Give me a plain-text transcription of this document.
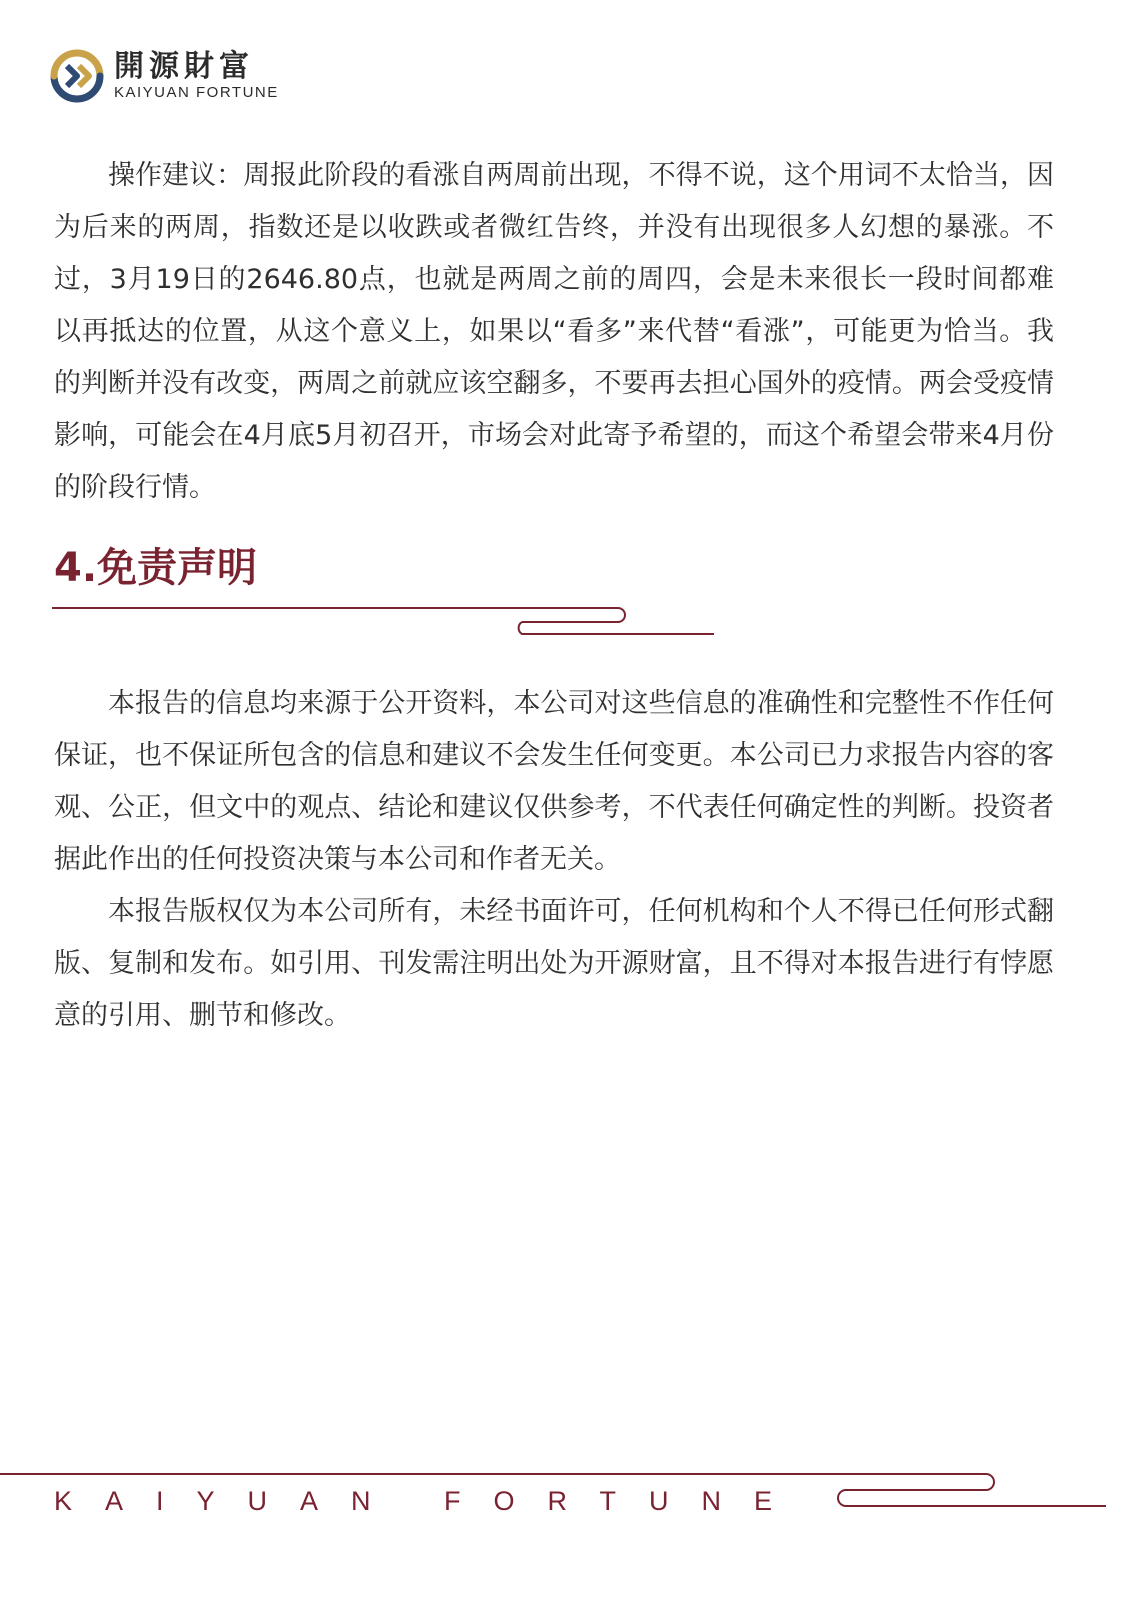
開源財富
KAIYUAN FORTUNE

操作建议：周报此阶段的看涨自两周前出现，不得不说，这个用词不太恰当，因为后来的两周，指数还是以收跌或者微红告终，并没有出现很多人幻想的暴涨。不过，3月19日的2646.80点，也就是两周之前的周四，会是未来很长一段时间都难以再抵达的位置，从这个意义上，如果以“看多”来代替“看涨”，可能更为恰当。我的判断并没有改变，两周之前就应该空翻多，不要再去担心国外的疫情。两会受疫情影响，可能会在4月底5月初召开，市场会对此寄予希望的，而这个希望会带来4月份的阶段行情。

4.免责声明

本报告的信息均来源于公开资料，本公司对这些信息的准确性和完整性不作任何保证，也不保证所包含的信息和建议不会发生任何变更。本公司已力求报告内容的客观、公正，但文中的观点、结论和建议仅供参考，不代表任何确定性的判断。投资者据此作出的任何投资决策与本公司和作者无关。

本报告版权仅为本公司所有，未经书面许可，任何机构和个人不得已任何形式翻版、复制和发布。如引用、刊发需注明出处为开源财富，且不得对本报告进行有悖愿意的引用、删节和修改。

KAIYUAN FORTUNE
